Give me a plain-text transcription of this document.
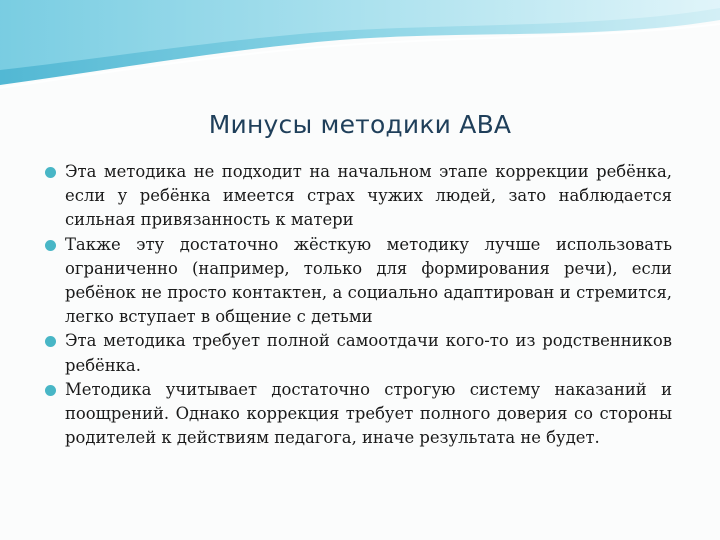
Минусы методики ABA
Эта методика не подходит на начальном этапе коррекции ребёнка, если у ребёнка имеется страх чужих людей, зато наблюдается сильная привязанность к матери
Также эту достаточно жёсткую методику лучше использовать ограниченно (например, только для формирования речи), если ребёнок не просто контактен, а социально адаптирован и стремится, легко вступает в общение с детьми
Эта методика требует полной самоотдачи кого-то из родственников ребёнка.
Методика учитывает достаточно строгую систему наказаний и поощрений. Однако коррекция требует полного доверия со стороны родителей к действиям педагога, иначе результата не будет.
